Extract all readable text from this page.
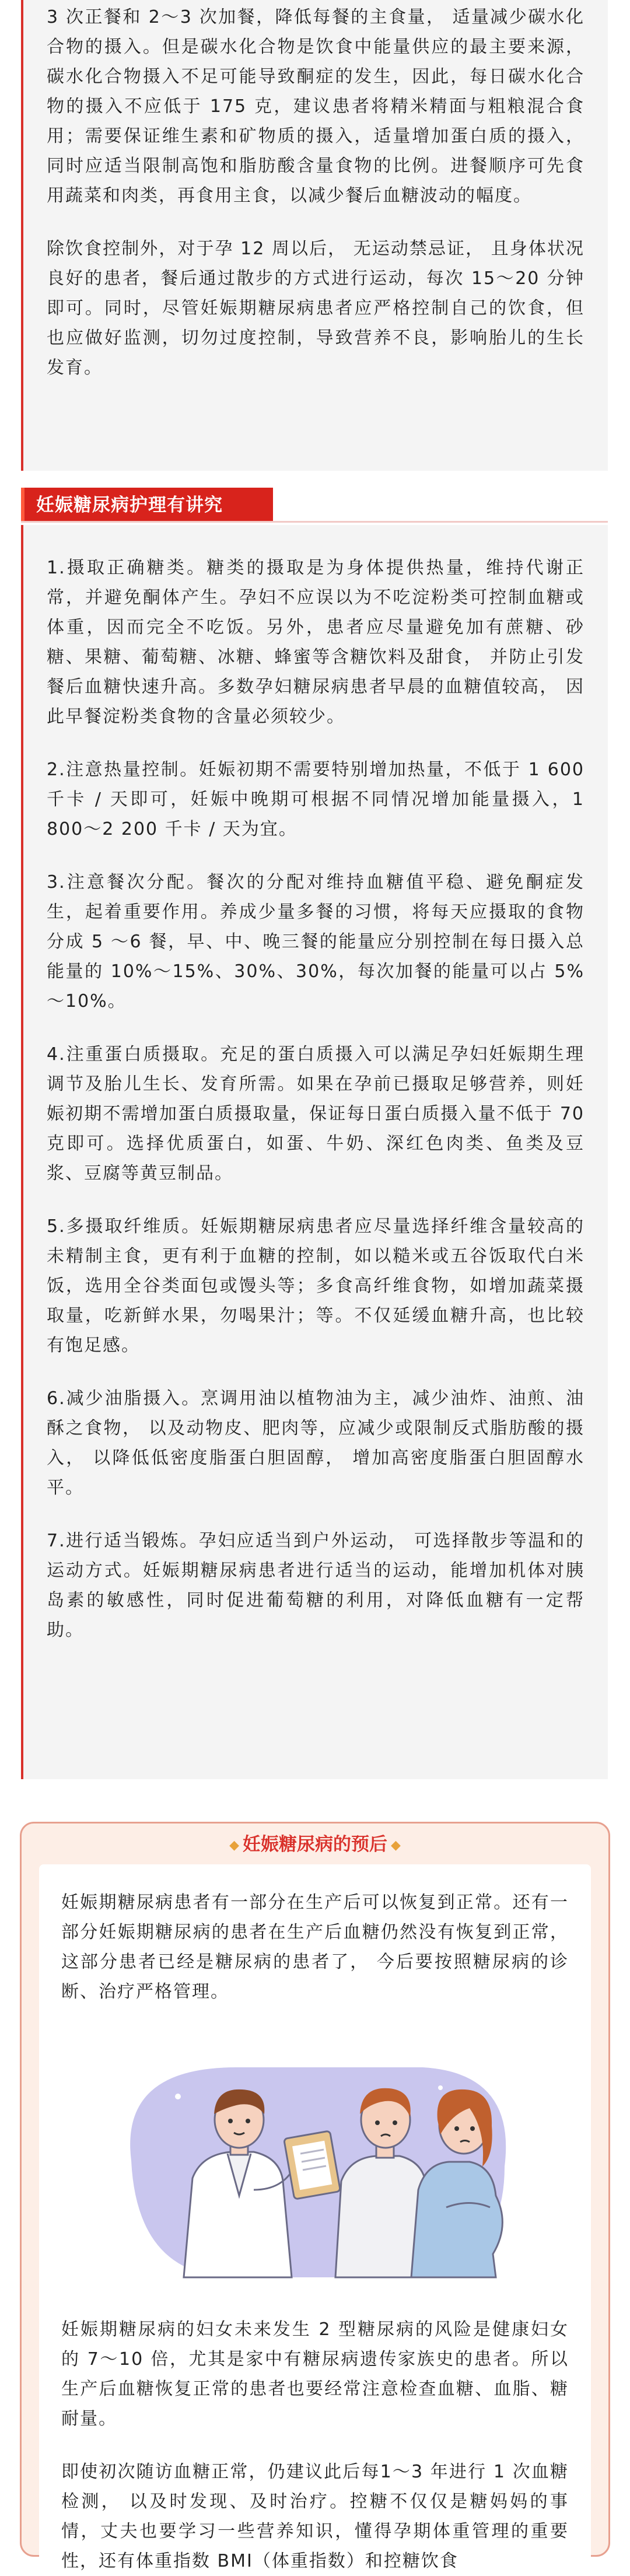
3 次正餐和 2～3 次加餐，降低每餐的主食量， 适量减少碳水化合物的摄入。但是碳水化合物是饮食中能量供应的最主要来源，碳水化合物摄入不足可能导致酮症的发生，因此，每日碳水化合物的摄入不应低于 175 克，建议患者将精米精面与粗粮混合食用；需要保证维生素和矿物质的摄入，适量增加蛋白质的摄入，同时应适当限制高饱和脂肪酸含量食物的比例。进餐顺序可先食用蔬菜和肉类，再食用主食，以减少餐后血糖波动的幅度。

除饮食控制外，对于孕 12 周以后， 无运动禁忌证， 且身体状况良好的患者，餐后通过散步的方式进行运动，每次 15～20 分钟即可。同时，尽管妊娠期糖尿病患者应严格控制自己的饮食，但也应做好监测，切勿过度控制，导致营养不良，影响胎儿的生长发育。

妊娠糖尿病护理有讲究

1.摄取正确糖类。糖类的摄取是为身体提供热量，维持代谢正常，并避免酮体产生。孕妇不应误以为不吃淀粉类可控制血糖或体重，因而完全不吃饭。另外，患者应尽量避免加有蔗糖、砂糖、果糖、葡萄糖、冰糖、蜂蜜等含糖饮料及甜食， 并防止引发餐后血糖快速升高。多数孕妇糖尿病患者早晨的血糖值较高， 因此早餐淀粉类食物的含量必须较少。

2.注意热量控制。妊娠初期不需要特别增加热量，不低于 1 600 千卡 / 天即可，妊娠中晚期可根据不同情况增加能量摄入，1 800～2 200 千卡 / 天为宜。

3.注意餐次分配。餐次的分配对维持血糖值平稳、避免酮症发生，起着重要作用。养成少量多餐的习惯，将每天应摄取的食物分成 5 ～6 餐，早、中、晚三餐的能量应分别控制在每日摄入总能量的 10%～15%、30%、30%，每次加餐的能量可以占 5%～10%。

4.注重蛋白质摄取。充足的蛋白质摄入可以满足孕妇妊娠期生理调节及胎儿生长、发育所需。如果在孕前已摄取足够营养，则妊娠初期不需增加蛋白质摄取量，保证每日蛋白质摄入量不低于 70 克即可。选择优质蛋白，如蛋、牛奶、深红色肉类、鱼类及豆浆、豆腐等黄豆制品。

5.多摄取纤维质。妊娠期糖尿病患者应尽量选择纤维含量较高的未精制主食，更有利于血糖的控制，如以糙米或五谷饭取代白米饭，选用全谷类面包或馒头等；多食高纤维食物，如增加蔬菜摄取量，吃新鲜水果，勿喝果汁；等。不仅延缓血糖升高，也比较有饱足感。

6.减少油脂摄入。烹调用油以植物油为主，减少油炸、油煎、油酥之食物， 以及动物皮、肥肉等，应减少或限制反式脂肪酸的摄入， 以降低低密度脂蛋白胆固醇， 增加高密度脂蛋白胆固醇水平。

7.进行适当锻炼。孕妇应适当到户外运动， 可选择散步等温和的运动方式。妊娠期糖尿病患者进行适当的运动，能增加机体对胰岛素的敏感性，同时促进葡萄糖的利用，对降低血糖有一定帮助。

◆ 妊娠糖尿病的预后 ◆

妊娠期糖尿病患者有一部分在生产后可以恢复到正常。还有一部分妊娠期糖尿病的患者在生产后血糖仍然没有恢复到正常，这部分患者已经是糖尿病的患者了， 今后要按照糖尿病的诊断、治疗严格管理。

妊娠期糖尿病的妇女未来发生 2 型糖尿病的风险是健康妇女的 7～10 倍，尤其是家中有糖尿病遗传家族史的患者。所以生产后血糖恢复正常的患者也要经常注意检查血糖、血脂、糖耐量。

即使初次随访血糖正常，仍建议此后每1～3 年进行 1 次血糖检测， 以及时发现、及时治疗。控糖不仅仅是糖妈妈的事情，丈夫也要学习一些营养知识，懂得孕期体重管理的重要性，还有体重指数 BMI（体重指数）和控糖饮食
